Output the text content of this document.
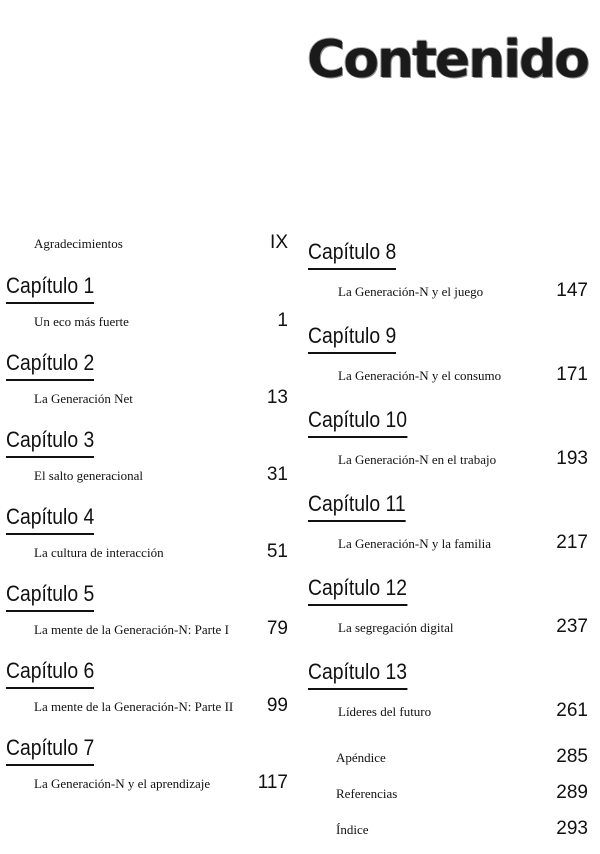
Contenido
Agradecimientos	IX
Capítulo 1
Un eco más fuerte	1
Capítulo 2
La Generación Net	13
Capítulo 3
El salto generacional	31
Capítulo 4
La cultura de interacción	51
Capítulo 5
La mente de la Generación-N: Parte I 79
Capítulo 6
La mente de la Generación-N: Parte II 99
Capítulo 7
La Generación-N y el aprendizaje	117
Capítulo 8
La Generación-N y el juego	147
Capítulo 9
La Generación-N y el consumo	171
Capítulo 10
La Generación-N en el trabajo	193
Capítulo 11
La Generación-N y la familia	217
Capítulo 12
La segregación digital	237
Capítulo 13
Líderes del futuro	261
Apéndice	285
Referencias	289
Índice	293
